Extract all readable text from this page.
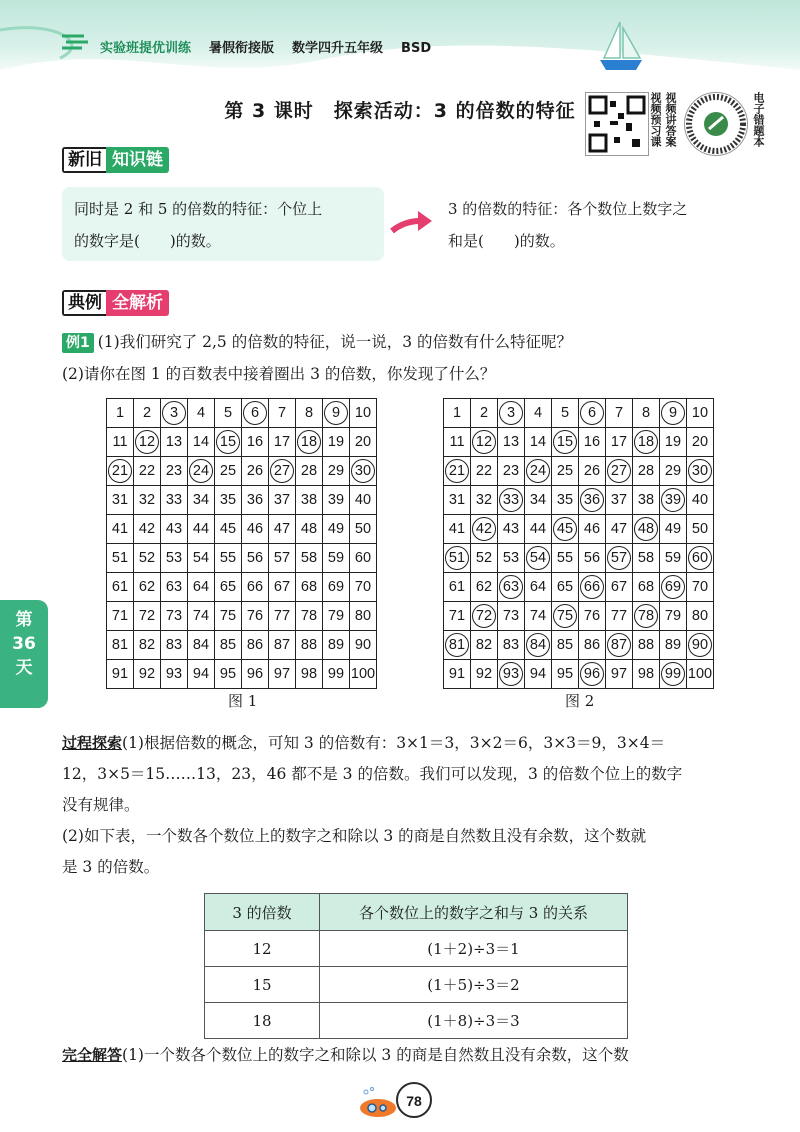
实验班提优训练 暑假衔接版 数学四升五年级 BSD
第 3 课时　探索活动：3 的倍数的特征	视频预习课 视频讲答案	电子错题本
新旧 知识链
同时是 2 和 5 的倍数的特征：个位上
的数字是(　　)的数。
3 的倍数的特征：各个数位上数字之
和是(　　)的数。
典例 全解析
例1 (1)我们研究了 2,5 的倍数的特征，说一说，3 的倍数有什么特征呢？
(2)请你在图 1 的百数表中接着圈出 3 的倍数，你发现了什么？
1	2	3	4	5	6	7	8	9	10
11	12	13	14	15	16	17	18	19	20
21	22	23	24	25	26	27	28	29	30
31	32	33	34	35	36	37	38	39	40
41	42	43	44	45	46	47	48	49	50
51	52	53	54	55	56	57	58	59	60
61	62	63	64	65	66	67	68	69	70
71	72	73	74	75	76	77	78	79	80
81	82	83	84	85	86	87	88	89	90
91	92	93	94	95	96	97	98	99	100
1	2	3	4	5	6	7	8	9	10
11	12	13	14	15	16	17	18	19	20
21	22	23	24	25	26	27	28	29	30
31	32	33	34	35	36	37	38	39	40
41	42	43	44	45	46	47	48	49	50
51	52	53	54	55	56	57	58	59	60
61	62	63	64	65	66	67	68	69	70
71	72	73	74	75	76	77	78	79	80
81	82	83	84	85	86	87	88	89	90
91	92	93	94	95	96	97	98	99	100
图 1	图 2
第
36
天
过程探索(1)根据倍数的概念，可知 3 的倍数有：3×1＝3，3×2＝6，3×3＝9，3×4＝
12，3×5＝15……13，23，46 都不是 3 的倍数。我们可以发现，3 的倍数个位上的数字
没有规律。
(2)如下表，一个数各个数位上的数字之和除以 3 的商是自然数且没有余数，这个数就
是 3 的倍数。
3 的倍数	各个数位上的数字之和与 3 的关系
12	(1＋2)÷3＝1
15	(1＋5)÷3＝2
18	(1＋8)÷3＝3
完全解答(1)一个数各个数位上的数字之和除以 3 的商是自然数且没有余数，这个数
78
